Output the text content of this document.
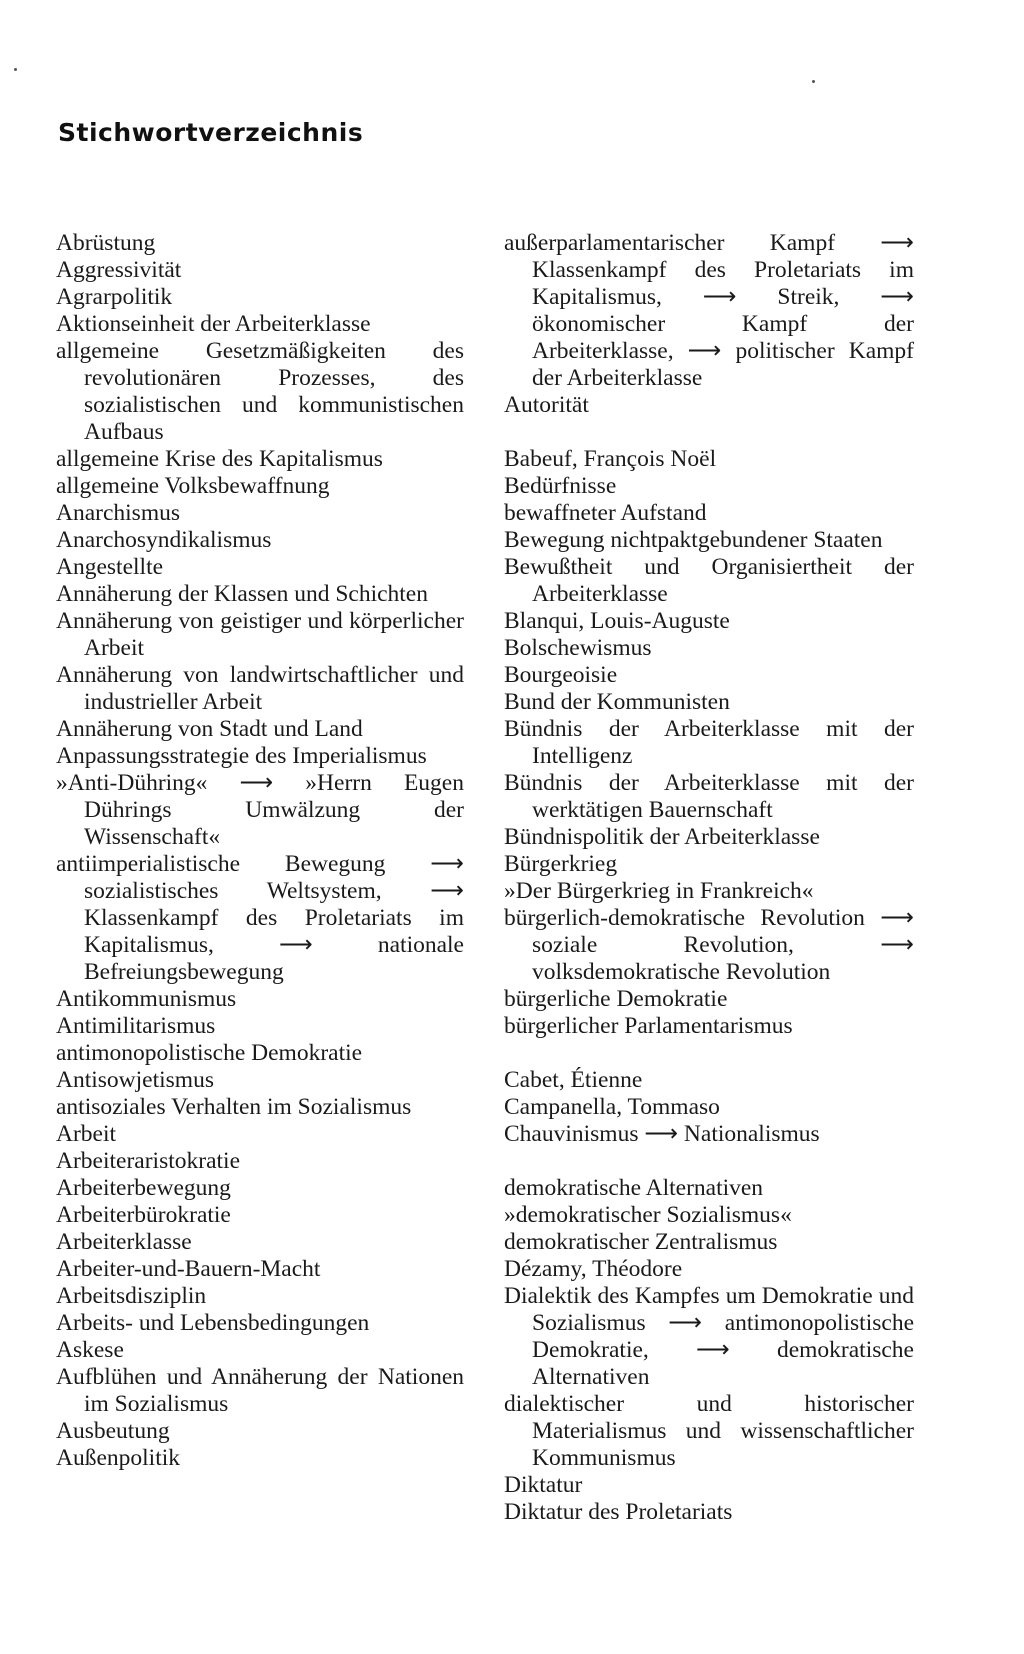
Stichwortverzeichnis

Abrüstung

Aggressivität

Agrarpolitik

Aktionseinheit der Arbeiterklasse

allgemeine Gesetzmäßigkeiten des revolutionären Prozesses, des sozialistischen und kommunistischen Aufbaus

allgemeine Krise des Kapitalismus

allgemeine Volksbewaffnung

Anarchismus

Anarchosyndikalismus

Angestellte

Annäherung der Klassen und Schichten

Annäherung von geistiger und körperlicher Arbeit

Annäherung von landwirtschaftlicher und industrieller Arbeit

Annäherung von Stadt und Land

Anpassungsstrategie des Imperialismus

»Anti-Dühring« ⟶ »Herrn Eugen Dührings Umwälzung der Wissenschaft«

antiimperialistische Bewegung ⟶ sozialistisches Weltsystem, ⟶ Klassenkampf des Proletariats im Kapitalismus, ⟶ nationale Befreiungsbewegung

Antikommunismus

Antimilitarismus

antimonopolistische Demokratie

Antisowjetismus

antisoziales Verhalten im Sozialismus

Arbeit

Arbeiteraristokratie

Arbeiterbewegung

Arbeiterbürokratie

Arbeiterklasse

Arbeiter-und-Bauern-Macht

Arbeitsdisziplin

Arbeits- und Lebensbedingungen

Askese

Aufblühen und Annäherung der Nationen im Sozialismus

Ausbeutung

Außenpolitik

außerparlamentarischer Kampf ⟶ Klassenkampf des Proletariats im Kapitalismus, ⟶ Streik, ⟶ ökonomischer Kampf der Arbeiterklasse, ⟶ politischer Kampf der Arbeiterklasse

Autorität

Babeuf, François Noël

Bedürfnisse

bewaffneter Aufstand

Bewegung nichtpaktgebundener Staaten

Bewußtheit und Organisiertheit der Arbeiterklasse

Blanqui, Louis-Auguste

Bolschewismus

Bourgeoisie

Bund der Kommunisten

Bündnis der Arbeiterklasse mit der Intelligenz

Bündnis der Arbeiterklasse mit der werktätigen Bauernschaft

Bündnispolitik der Arbeiterklasse

Bürgerkrieg

»Der Bürgerkrieg in Frankreich«

bürgerlich-demokratische Revolution ⟶ soziale Revolution, ⟶ volksdemokratische Revolution

bürgerliche Demokratie

bürgerlicher Parlamentarismus

Cabet, Étienne

Campanella, Tommaso

Chauvinismus ⟶ Nationalismus

demokratische Alternativen

»demokratischer Sozialismus«

demokratischer Zentralismus

Dézamy, Théodore

Dialektik des Kampfes um Demokratie und Sozialismus ⟶ antimonopolistische Demokratie, ⟶ demokratische Alternativen

dialektischer und historischer Materialismus und wissenschaftlicher Kommunismus

Diktatur

Diktatur des Proletariats
